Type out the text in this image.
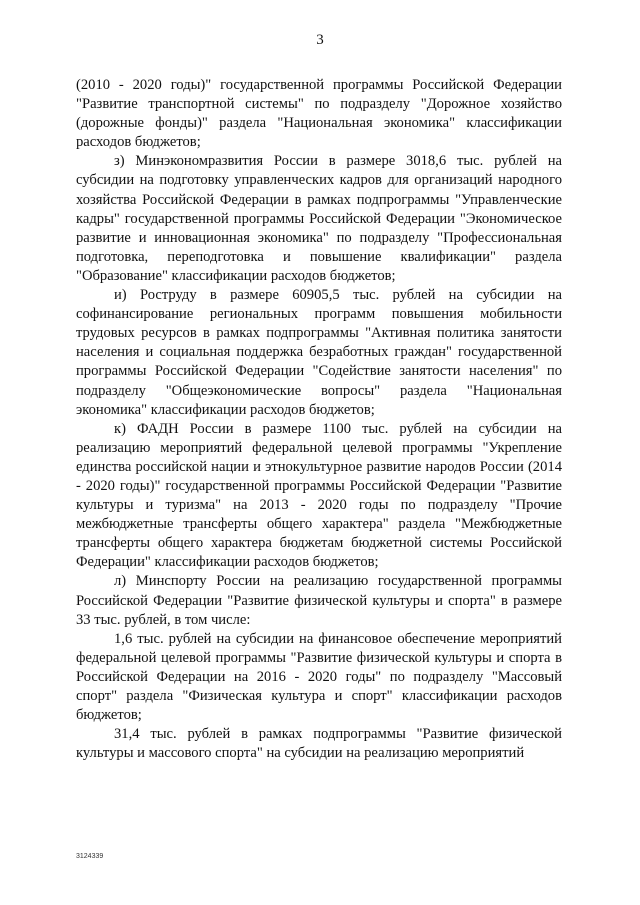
3

(2010 - 2020 годы)" государственной программы Российской Федерации "Развитие транспортной системы" по подразделу "Дорожное хозяйство (дорожные фонды)" раздела "Национальная экономика" классификации расходов бюджетов;

з) Минэкономразвития России в размере 3018,6 тыс. рублей на субсидии на подготовку управленческих кадров для организаций народного хозяйства Российской Федерации в рамках подпрограммы "Управленческие кадры" государственной программы Российской Федерации "Экономическое развитие и инновационная экономика" по подразделу "Профессиональная подготовка, переподготовка и повышение квалификации" раздела "Образование" классификации расходов бюджетов;

и) Роструду в размере 60905,5 тыс. рублей на субсидии на софинансирование региональных программ повышения мобильности трудовых ресурсов в рамках подпрограммы "Активная политика занятости населения и социальная поддержка безработных граждан" государственной программы Российской Федерации "Содействие занятости населения" по подразделу "Общеэкономические вопросы" раздела "Национальная экономика" классификации расходов бюджетов;

к) ФАДН России в размере 1100 тыс. рублей на субсидии на реализацию мероприятий федеральной целевой программы "Укрепление единства российской нации и этнокультурное развитие народов России (2014 - 2020 годы)" государственной программы Российской Федерации "Развитие культуры и туризма" на 2013 - 2020 годы по подразделу "Прочие межбюджетные трансферты общего характера" раздела "Межбюджетные трансферты общего характера бюджетам бюджетной системы Российской Федерации" классификации расходов бюджетов;

л) Минспорту России на реализацию государственной программы Российской Федерации "Развитие физической культуры и спорта" в размере 33 тыс. рублей, в том числе:

1,6 тыс. рублей на субсидии на финансовое обеспечение мероприятий федеральной целевой программы "Развитие физической культуры и спорта в Российской Федерации на 2016 - 2020 годы" по подразделу "Массовый спорт" раздела "Физическая культура и спорт" классификации расходов бюджетов;

31,4 тыс. рублей в рамках подпрограммы "Развитие физической культуры и массового спорта" на субсидии на реализацию мероприятий

3124339
